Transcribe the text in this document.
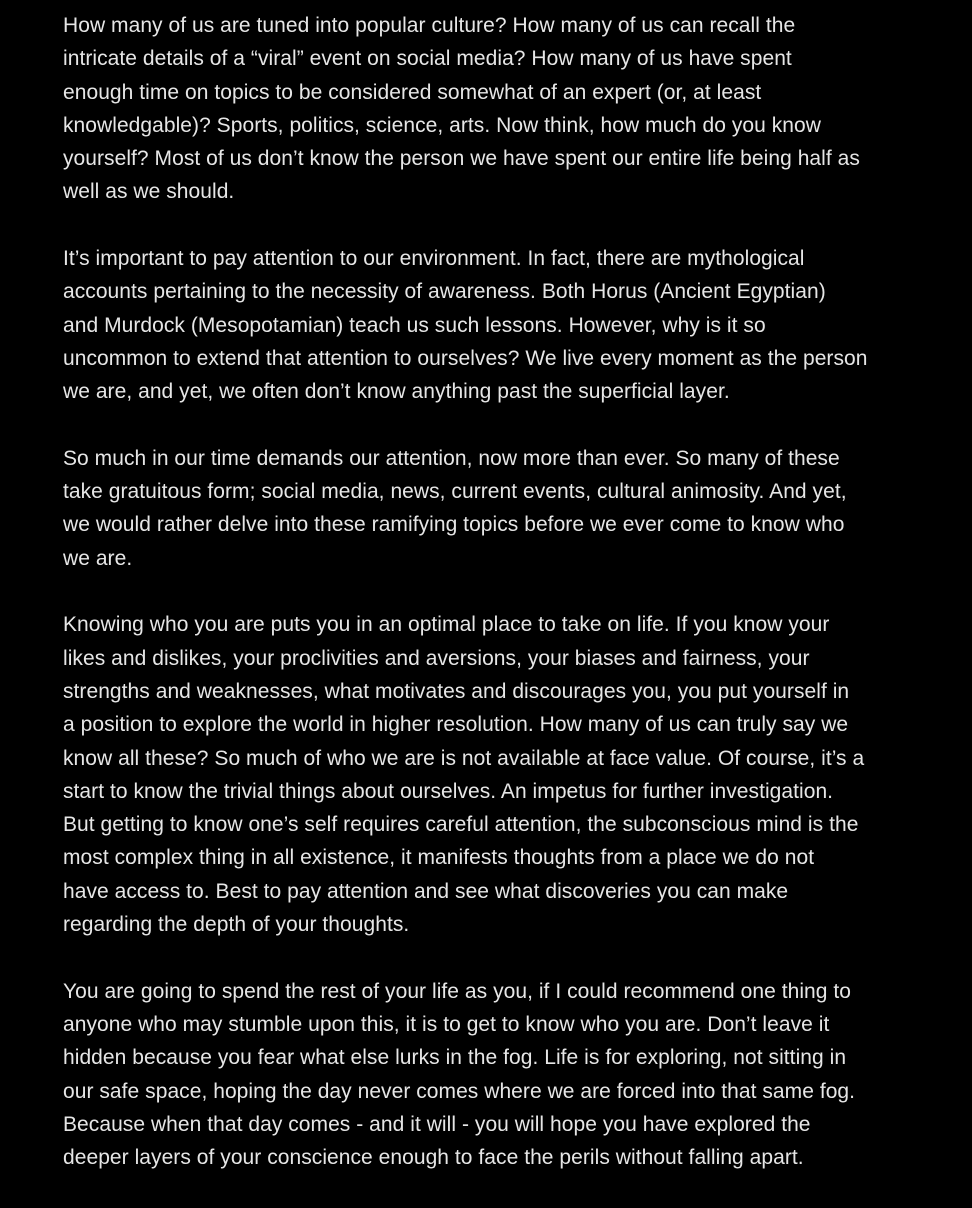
How many of us are tuned into popular culture? How many of us can recall the
intricate details of a “viral” event on social media? How many of us have spent
enough time on topics to be considered somewhat of an expert (or, at least
knowledgable)? Sports, politics, science, arts. Now think, how much do you know
yourself? Most of us don’t know the person we have spent our entire life being half as
well as we should.

It’s important to pay attention to our environment. In fact, there are mythological
accounts pertaining to the necessity of awareness. Both Horus (Ancient Egyptian)
and Murdock (Mesopotamian) teach us such lessons. However, why is it so
uncommon to extend that attention to ourselves? We live every moment as the person
we are, and yet, we often don’t know anything past the superficial layer.

So much in our time demands our attention, now more than ever. So many of these
take gratuitous form; social media, news, current events, cultural animosity. And yet,
we would rather delve into these ramifying topics before we ever come to know who
we are.

Knowing who you are puts you in an optimal place to take on life. If you know your
likes and dislikes, your proclivities and aversions, your biases and fairness, your
strengths and weaknesses, what motivates and discourages you, you put yourself in
a position to explore the world in higher resolution. How many of us can truly say we
know all these? So much of who we are is not available at face value. Of course, it’s a
start to know the trivial things about ourselves. An impetus for further investigation.
But getting to know one’s self requires careful attention, the subconscious mind is the
most complex thing in all existence, it manifests thoughts from a place we do not
have access to. Best to pay attention and see what discoveries you can make
regarding the depth of your thoughts.

You are going to spend the rest of your life as you, if I could recommend one thing to
anyone who may stumble upon this, it is to get to know who you are. Don’t leave it
hidden because you fear what else lurks in the fog. Life is for exploring, not sitting in
our safe space, hoping the day never comes where we are forced into that same fog.
Because when that day comes - and it will - you will hope you have explored the
deeper layers of your conscience enough to face the perils without falling apart.
